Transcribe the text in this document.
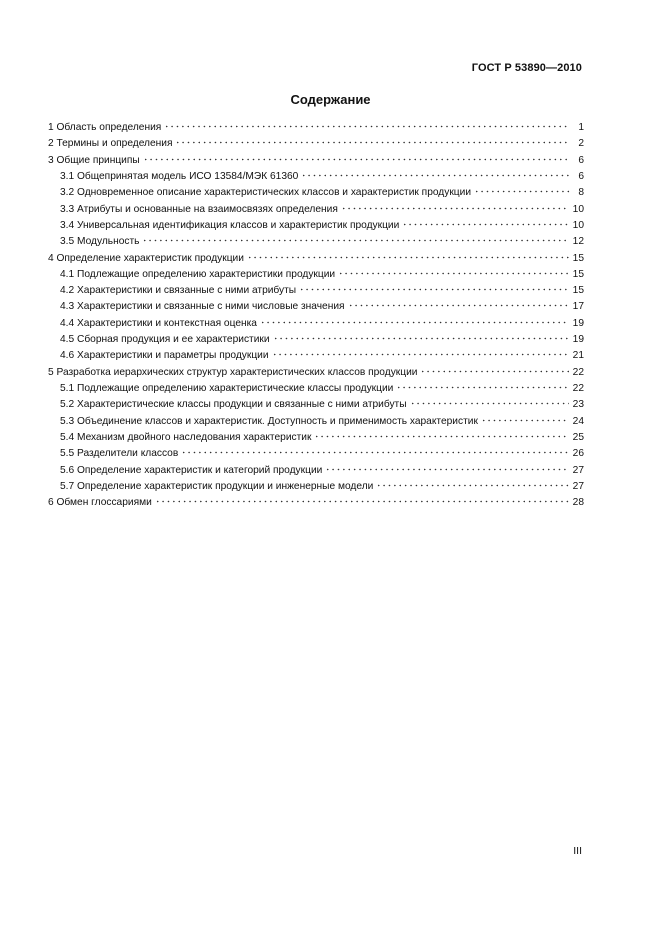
ГОСТ Р 53890—2010
Содержание
1 Область определения	1
2 Термины и определения	2
3 Общие принципы	6
3.1 Общепринятая модель ИСО 13584/МЭК 61360	6
3.2 Одновременное описание характеристических классов и характеристик продукции	8
3.3 Атрибуты и основанные на взаимосвязях определения	10
3.4 Универсальная идентификация классов и характеристик продукции	10
3.5 Модульность	12
4 Определение характеристик продукции	15
4.1 Подлежащие определению характеристики продукции	15
4.2 Характеристики и связанные с ними атрибуты	15
4.3 Характеристики и связанные с ними числовые значения	17
4.4 Характеристики и контекстная оценка	19
4.5 Сборная продукция и ее характеристики	19
4.6 Характеристики и параметры продукции	21
5 Разработка иерархических структур характеристических классов продукции	22
5.1 Подлежащие определению характеристические классы продукции	22
5.2 Характеристические классы продукции и связанные с ними атрибуты	23
5.3 Объединение классов и характеристик. Доступность и применимость характеристик	24
5.4 Механизм двойного наследования характеристик	25
5.5 Разделители классов	26
5.6 Определение характеристик и категорий продукции	27
5.7 Определение характеристик продукции и инженерные модели	27
6 Обмен глоссариями	28
III
